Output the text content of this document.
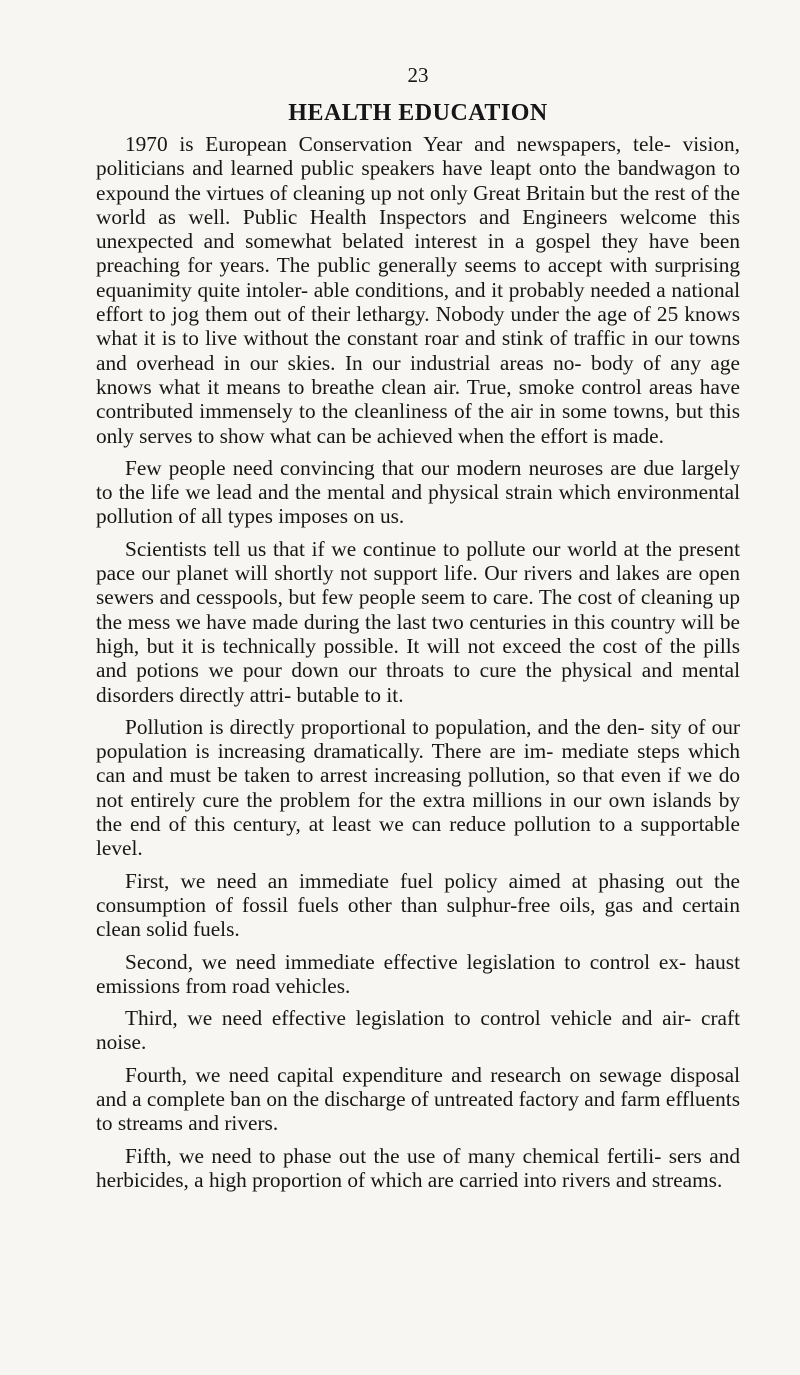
23
HEALTH EDUCATION

1970 is European Conservation Year and newspapers, tele- vision, politicians and learned public speakers have leapt onto the bandwagon to expound the virtues of cleaning up not only Great Britain but the rest of the world as well. Public Health Inspectors and Engineers welcome this unexpected and somewhat belated interest in a gospel they have been preaching for years. The public generally seems to accept with surprising equanimity quite intoler- able conditions, and it probably needed a national effort to jog them out of their lethargy. Nobody under the age of 25 knows what it is to live without the constant roar and stink of traffic in our towns and overhead in our skies. In our industrial areas no- body of any age knows what it means to breathe clean air. True, smoke control areas have contributed immensely to the cleanliness of the air in some towns, but this only serves to show what can be achieved when the effort is made.

Few people need convincing that our modern neuroses are due largely to the life we lead and the mental and physical strain which environmental pollution of all types imposes on us.

Scientists tell us that if we continue to pollute our world at the present pace our planet will shortly not support life. Our rivers and lakes are open sewers and cesspools, but few people seem to care. The cost of cleaning up the mess we have made during the last two centuries in this country will be high, but it is technically possible. It will not exceed the cost of the pills and potions we pour down our throats to cure the physical and mental disorders directly attri- butable to it.

Pollution is directly proportional to population, and the den- sity of our population is increasing dramatically. There are im- mediate steps which can and must be taken to arrest increasing pollution, so that even if we do not entirely cure the problem for the extra millions in our own islands by the end of this century, at least we can reduce pollution to a supportable level.

First, we need an immediate fuel policy aimed at phasing out the consumption of fossil fuels other than sulphur-free oils, gas and certain clean solid fuels.

Second, we need immediate effective legislation to control ex- haust emissions from road vehicles.

Third, we need effective legislation to control vehicle and air- craft noise.

Fourth, we need capital expenditure and research on sewage disposal and a complete ban on the discharge of untreated factory and farm effluents to streams and rivers.

Fifth, we need to phase out the use of many chemical fertili- sers and herbicides, a high proportion of which are carried into rivers and streams.
